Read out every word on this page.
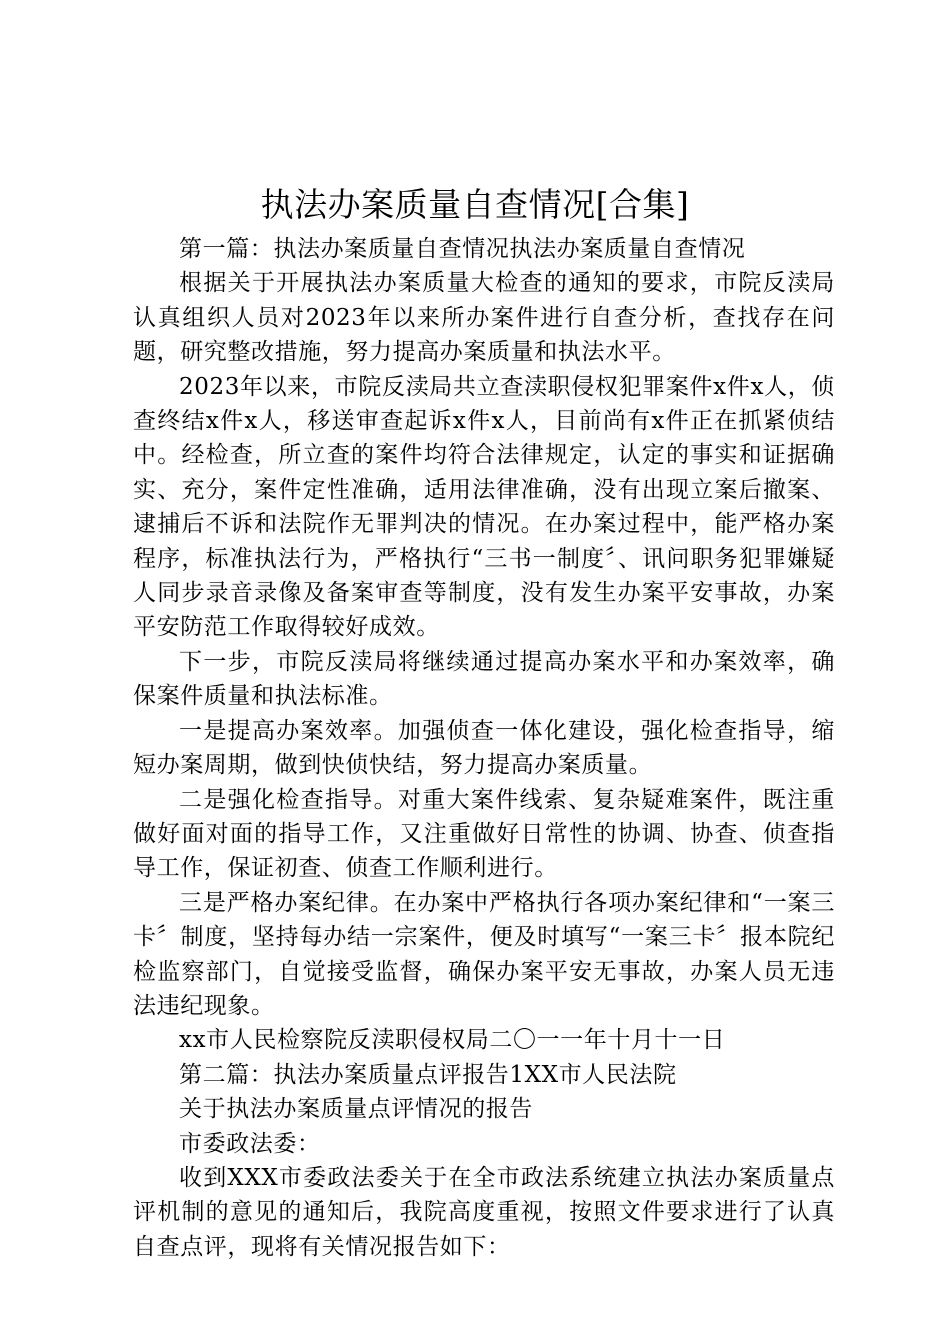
执法办案质量自查情况[合集]

第一篇：执法办案质量自查情况执法办案质量自查情况

根据关于开展执法办案质量大检查的通知的要求，市院反渎局认真组织人员对2023年以来所办案件进行自查分析，查找存在问题，研究整改措施，努力提高办案质量和执法水平。

2023年以来，市院反渎局共立查渎职侵权犯罪案件x件x人，侦查终结x件x人，移送审查起诉x件x人，目前尚有x件正在抓紧侦结中。经检查，所立查的案件均符合法律规定，认定的事实和证据确实、充分，案件定性准确，适用法律准确，没有出现立案后撤案、逮捕后不诉和法院作无罪判决的情况。在办案过程中，能严格办案程序，标准执法行为，严格执行“三书一制度〞、讯问职务犯罪嫌疑人同步录音录像及备案审查等制度，没有发生办案平安事故，办案平安防范工作取得较好成效。

下一步，市院反渎局将继续通过提高办案水平和办案效率，确保案件质量和执法标准。

一是提高办案效率。加强侦查一体化建设，强化检查指导，缩短办案周期，做到快侦快结，努力提高办案质量。

二是强化检查指导。对重大案件线索、复杂疑难案件，既注重做好面对面的指导工作，又注重做好日常性的协调、协查、侦查指导工作，保证初查、侦查工作顺利进行。

三是严格办案纪律。在办案中严格执行各项办案纪律和“一案三卡〞制度，坚持每办结一宗案件，便及时填写“一案三卡〞报本院纪检监察部门，自觉接受监督，确保办案平安无事故，办案人员无违法违纪现象。

xx市人民检察院反渎职侵权局二〇一一年十月十一日

第二篇：执法办案质量点评报告1XX市人民法院

关于执法办案质量点评情况的报告

市委政法委：

收到XXX市委政法委关于在全市政法系统建立执法办案质量点评机制的意见的通知后，我院高度重视，按照文件要求进行了认真自查点评，现将有关情况报告如下：
